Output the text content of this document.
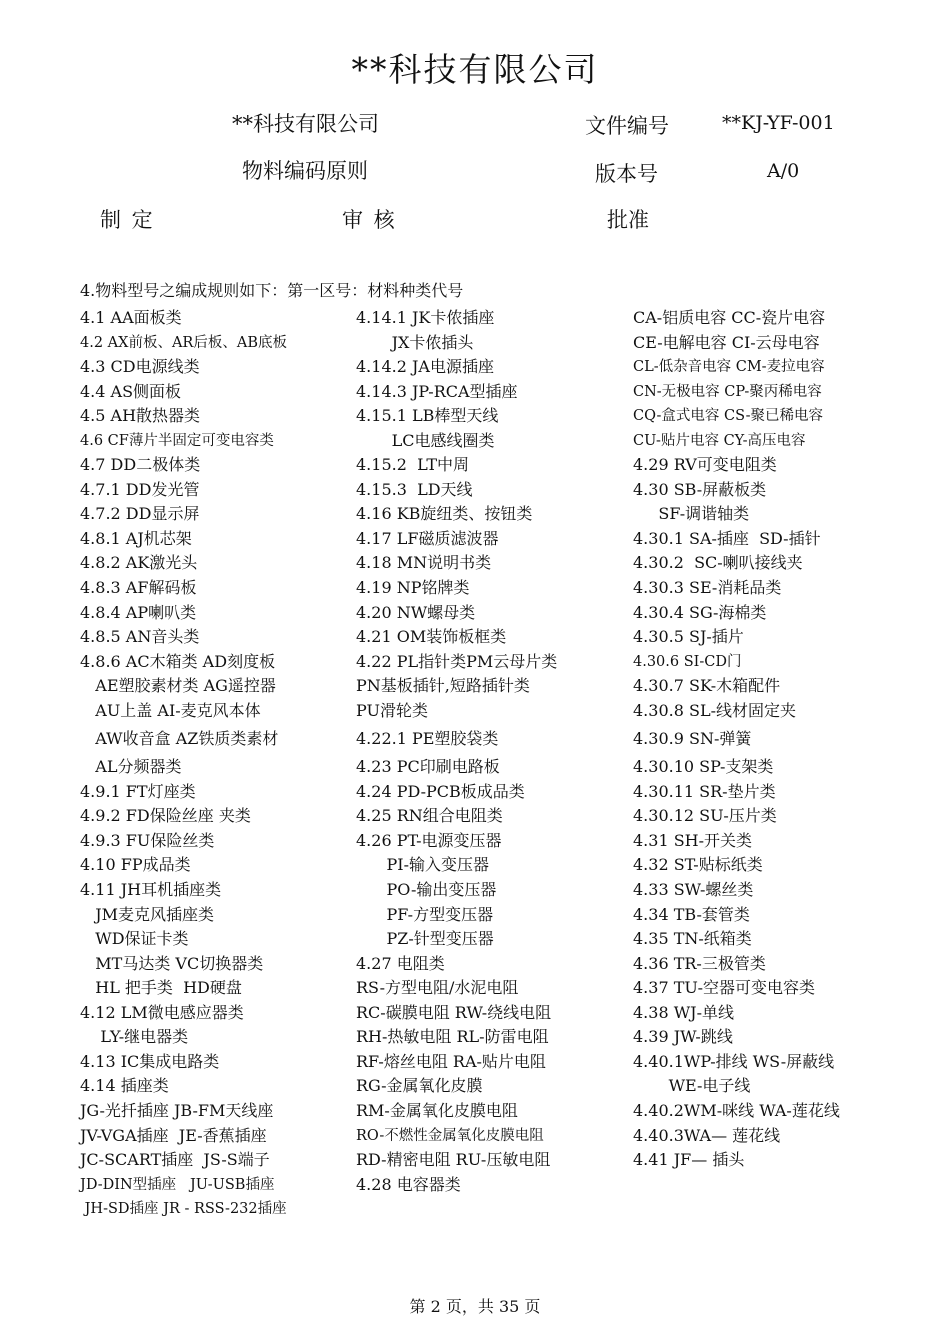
**科技有限公司
**科技有限公司	文件编号	**KJ-YF-001
物料编码原则	版本号	A/0
制 定	审 核	批准
4.物料型号之编成规则如下：第一区号：材料种类代号
4.1 AA面板类
4.2 AX前板、AR后板、AB底板
4.3 CD电源线类
4.4 AS侧面板
4.5 AH散热器类
4.6 CF薄片半固定可变电容类
4.7 DD二极体类
4.7.1 DD发光管
4.7.2 DD显示屏
4.8.1 AJ机芯架
4.8.2 AK激光头
4.8.3 AF解码板
4.8.4 AP喇叭类
4.8.5 AN音头类
4.8.6 AC木箱类 AD刻度板
AE塑胶素材类 AG遥控器
AU上盖 AI-麦克风本体
AW收音盒 AZ铁质类素材
AL分频器类
4.9.1 FT灯座类
4.9.2 FD保险丝座 夹类
4.9.3 FU保险丝类
4.10 FP成品类
4.11 JH耳机插座类
JM麦克风插座类
WD保证卡类
MT马达类 VC切换器类
HL 把手类  HD硬盘
4.12 LM微电感应器类
LY-继电器类
4.13 IC集成电路类
4.14 插座类
JG-光扦插座 JB-FM天线座
JV-VGA插座  JE-香蕉插座
JC-SCART插座  JS-S端子
JD-DIN型插座   JU-USB插座
JH-SD插座 JR - RSS-232插座
4.14.1 JK卡侬插座
JX卡侬插头
4.14.2 JA电源插座
4.14.3 JP-RCA型插座
4.15.1 LB棒型天线
LC电感线圈类
4.15.2  LT中周
4.15.3  LD天线
4.16 KB旋纽类、按钮类
4.17 LF磁质滤波器
4.18 MN说明书类
4.19 NP铭牌类
4.20 NW螺母类
4.21 OM装饰板框类
4.22 PL指针类PM云母片类
PN基板插针,短路插针类
PU滑轮类
4.22.1 PE塑胶袋类
4.23 PC印刷电路板
4.24 PD-PCB板成品类
4.25 RN组合电阻类
4.26 PT-电源变压器
PI-输入变压器
PO-输出变压器
PF-方型变压器
PZ-针型变压器
4.27 电阻类
RS-方型电阻/水泥电阻
RC-碳膜电阻 RW-绕线电阻
RH-热敏电阻 RL-防雷电阻
RF-熔丝电阻 RA-贴片电阻
RG-金属氧化皮膜
RM-金属氧化皮膜电阻
RO-不燃性金属氧化皮膜电阻
RD-精密电阻 RU-压敏电阻
4.28 电容器类
CA-铝质电容 CC-瓷片电容
CE-电解电容 CI-云母电容
CL-低杂音电容 CM-麦拉电容
CN-无极电容 CP-聚丙稀电容
CQ-盒式电容 CS-聚已稀电容
CU-贴片电容 CY-高压电容
4.29 RV可变电阻类
4.30 SB-屏蔽板类
SF-调谐轴类
4.30.1 SA-插座  SD-插针
4.30.2  SC-喇叭接线夹
4.30.3 SE-消耗品类
4.30.4 SG-海棉类
4.30.5 SJ-插片
4.30.6 SI-CD门
4.30.7 SK-木箱配件
4.30.8 SL-线材固定夹
4.30.9 SN-弹簧
4.30.10 SP-支架类
4.30.11 SR-垫片类
4.30.12 SU-压片类
4.31 SH-开关类
4.32 ST-贴标纸类
4.33 SW-螺丝类
4.34 TB-套管类
4.35 TN-纸箱类
4.36 TR-三极管类
4.37 TU-空器可变电容类
4.38 WJ-单线
4.39 JW-跳线
4.40.1WP-排线 WS-屏蔽线
WE-电子线
4.40.2WM-咪线 WA-莲花线
4.40.3WA— 莲花线
4.41 JF— 插头
第 2 页，共 35 页
